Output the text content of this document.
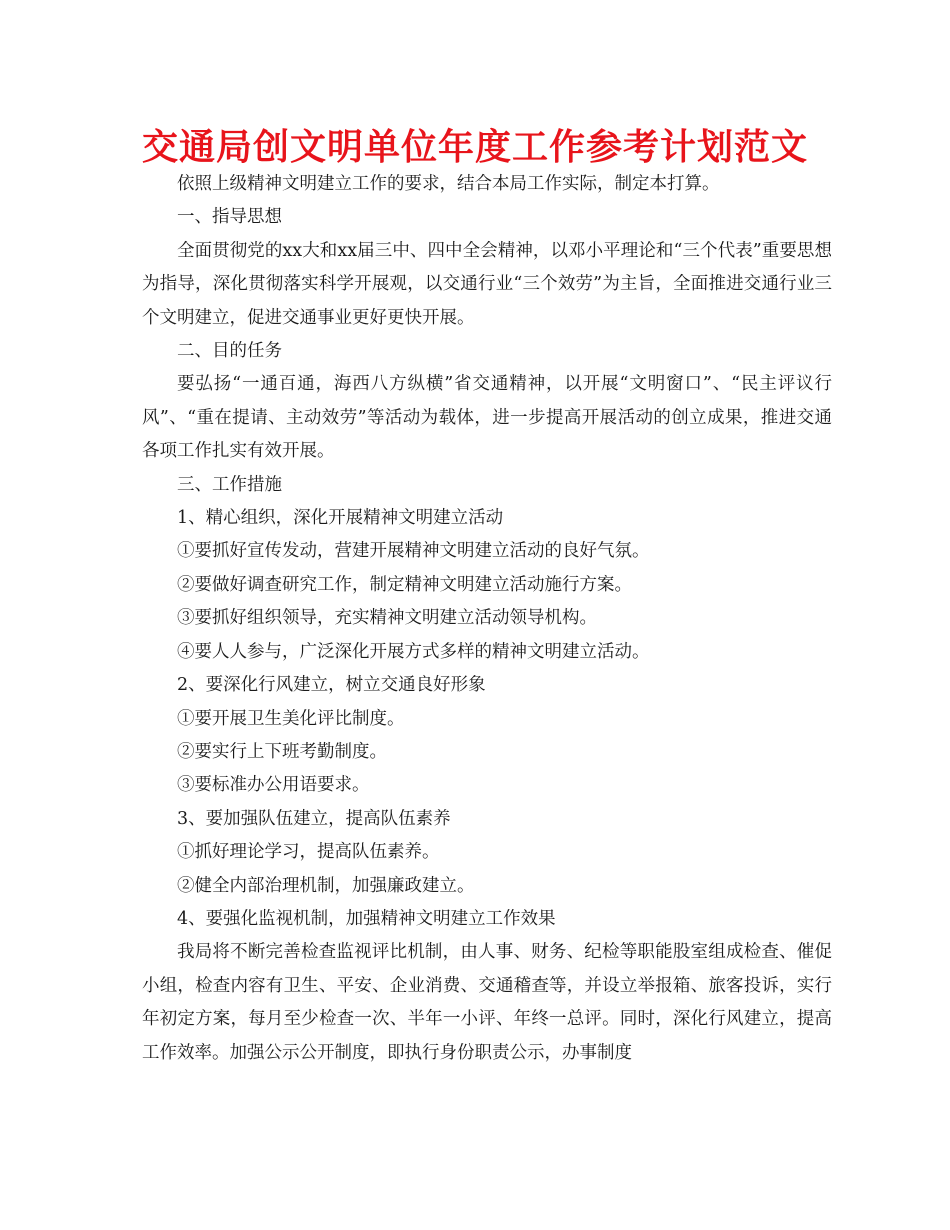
交通局创文明单位年度工作参考计划范文

依照上级精神文明建立工作的要求，结合本局工作实际，制定本打算。

一、指导思想

全面贯彻党的xx大和xx届三中、四中全会精神，以邓小平理论和“三个代表”重要思想为指导，深化贯彻落实科学开展观，以交通行业“三个效劳”为主旨，全面推进交通行业三个文明建立，促进交通事业更好更快开展。

二、目的任务

要弘扬“一通百通，海西八方纵横”省交通精神，以开展“文明窗口”、“民主评议行风”、“重在提请、主动效劳”等活动为载体，进一步提高开展活动的创立成果，推进交通各项工作扎实有效开展。

三、工作措施

1、精心组织，深化开展精神文明建立活动

①要抓好宣传发动，营建开展精神文明建立活动的良好气氛。

②要做好调查研究工作，制定精神文明建立活动施行方案。

③要抓好组织领导，充实精神文明建立活动领导机构。

④要人人参与，广泛深化开展方式多样的精神文明建立活动。

2、要深化行风建立，树立交通良好形象

①要开展卫生美化评比制度。

②要实行上下班考勤制度。

③要标准办公用语要求。

3、要加强队伍建立，提高队伍素养

①抓好理论学习，提高队伍素养。

②健全内部治理机制，加强廉政建立。

4、要强化监视机制，加强精神文明建立工作效果

我局将不断完善检查监视评比机制，由人事、财务、纪检等职能股室组成检查、催促小组，检查内容有卫生、平安、企业消费、交通稽查等，并设立举报箱、旅客投诉，实行年初定方案，每月至少检查一次、半年一小评、年终一总评。同时，深化行风建立，提高工作效率。加强公示公开制度，即执行身份职责公示，办事制度
